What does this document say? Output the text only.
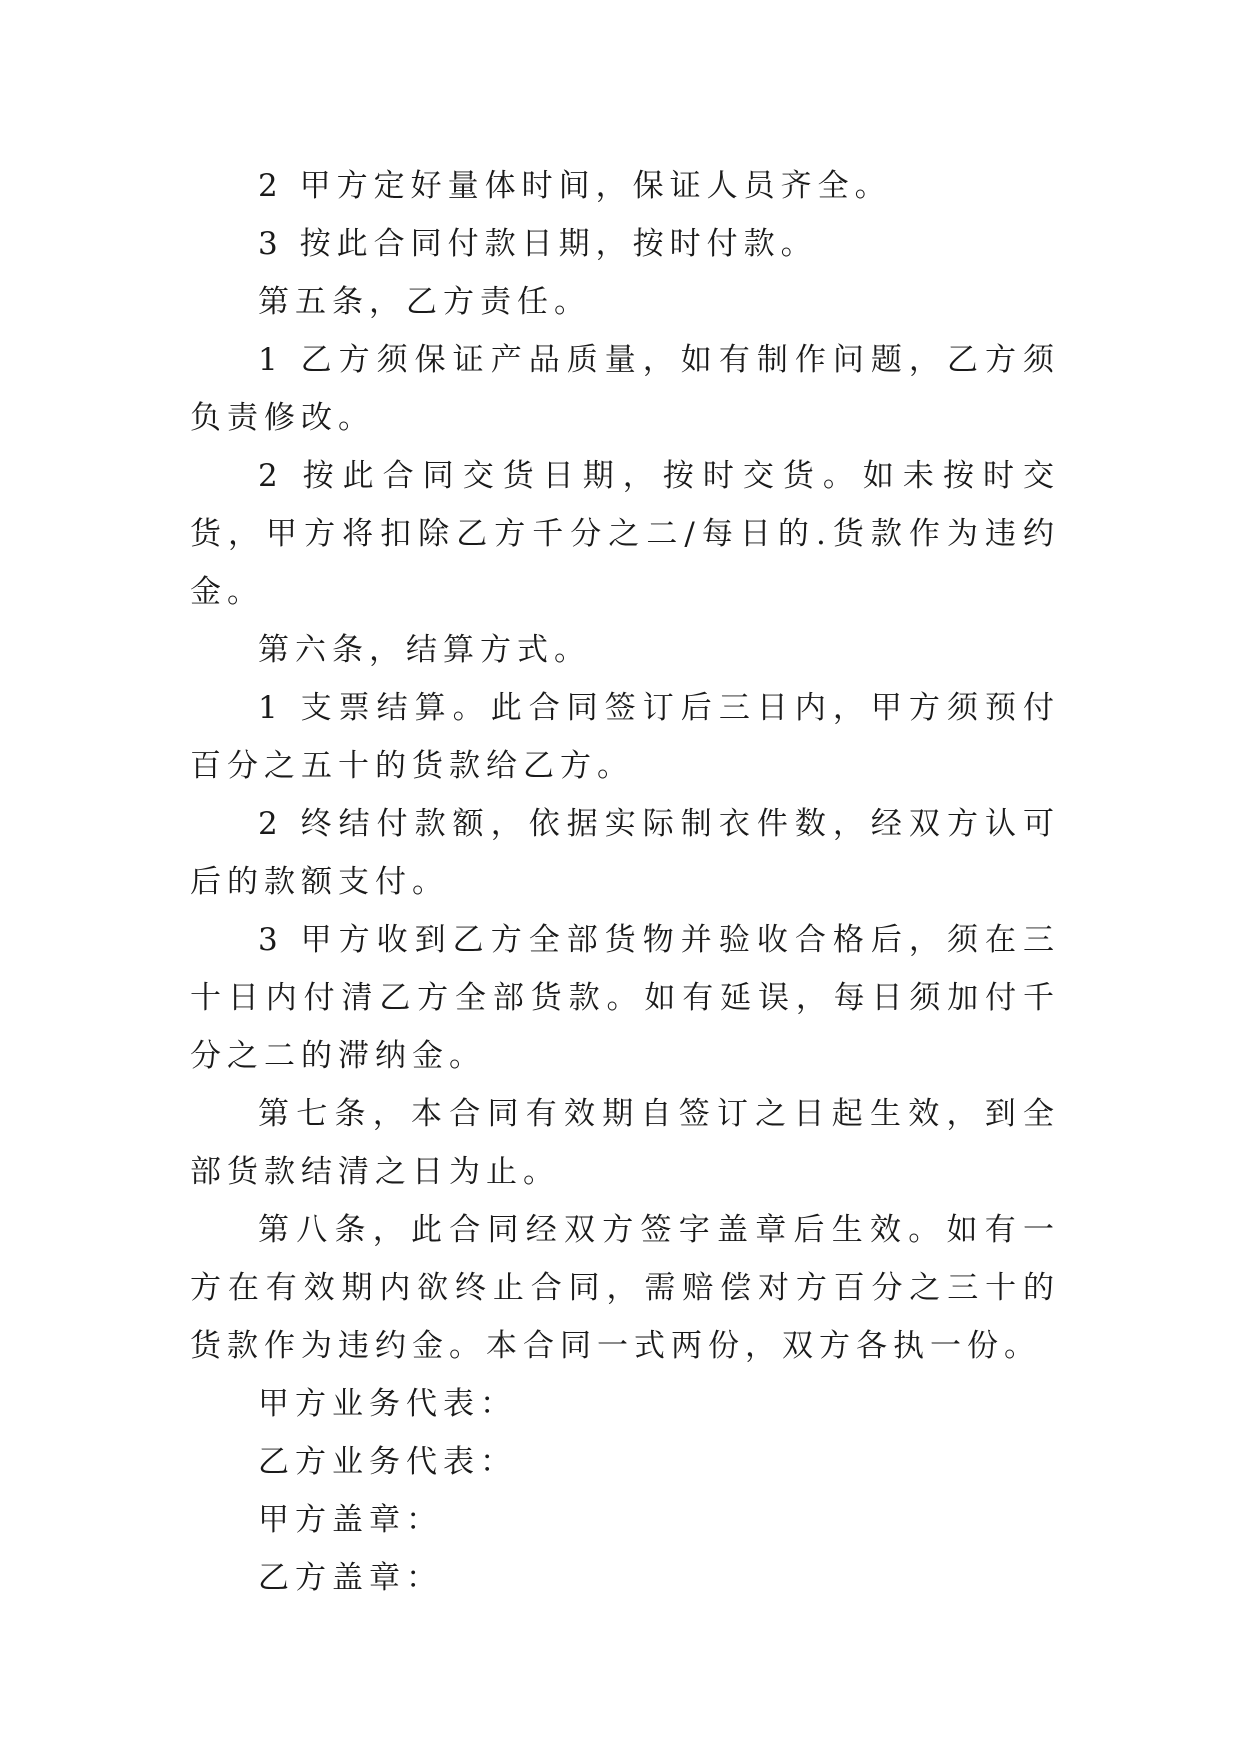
2 甲方定好量体时间，保证人员齐全。

3 按此合同付款日期，按时付款。

第五条，乙方责任。

1 乙方须保证产品质量，如有制作问题，乙方须负责修改。

2 按此合同交货日期，按时交货。如未按时交货，甲方将扣除乙方千分之二/每日的.货款作为违约金。

第六条，结算方式。

1 支票结算。此合同签订后三日内，甲方须预付百分之五十的货款给乙方。

2 终结付款额，依据实际制衣件数，经双方认可后的款额支付。

3 甲方收到乙方全部货物并验收合格后，须在三十日内付清乙方全部货款。如有延误，每日须加付千分之二的滞纳金。

第七条，本合同有效期自签订之日起生效，到全部货款结清之日为止。

第八条，此合同经双方签字盖章后生效。如有一方在有效期内欲终止合同，需赔偿对方百分之三十的货款作为违约金。本合同一式两份，双方各执一份。

甲方业务代表：

乙方业务代表：

甲方盖章：

乙方盖章：
